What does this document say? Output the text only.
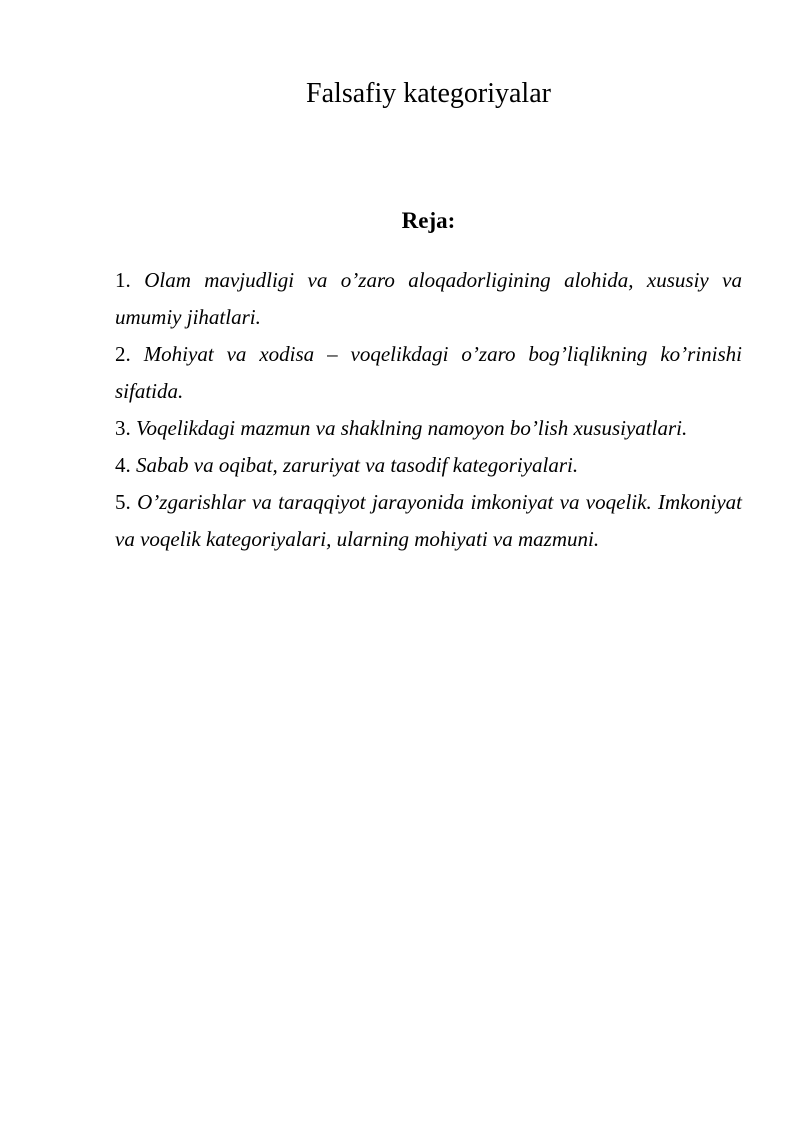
Falsafiy kategoriyalar
Reja:
1. Olam mavjudligi va o’zaro aloqadorligining alohida, xususiy va umumiy jihatlari.
2. Mohiyat va xodisa – voqelikdagi o’zaro bog’liqlikning ko’rinishi sifatida.
3. Voqelikdagi mazmun va shaklning namoyon bo’lish xususiyatlari.
4. Sabab va oqibat, zaruriyat va tasodif kategoriyalari.
5. O’zgarishlar va taraqqiyot jarayonida imkoniyat va voqelik. Imkoniyat va voqelik kategoriyalari, ularning mohiyati va mazmuni.
